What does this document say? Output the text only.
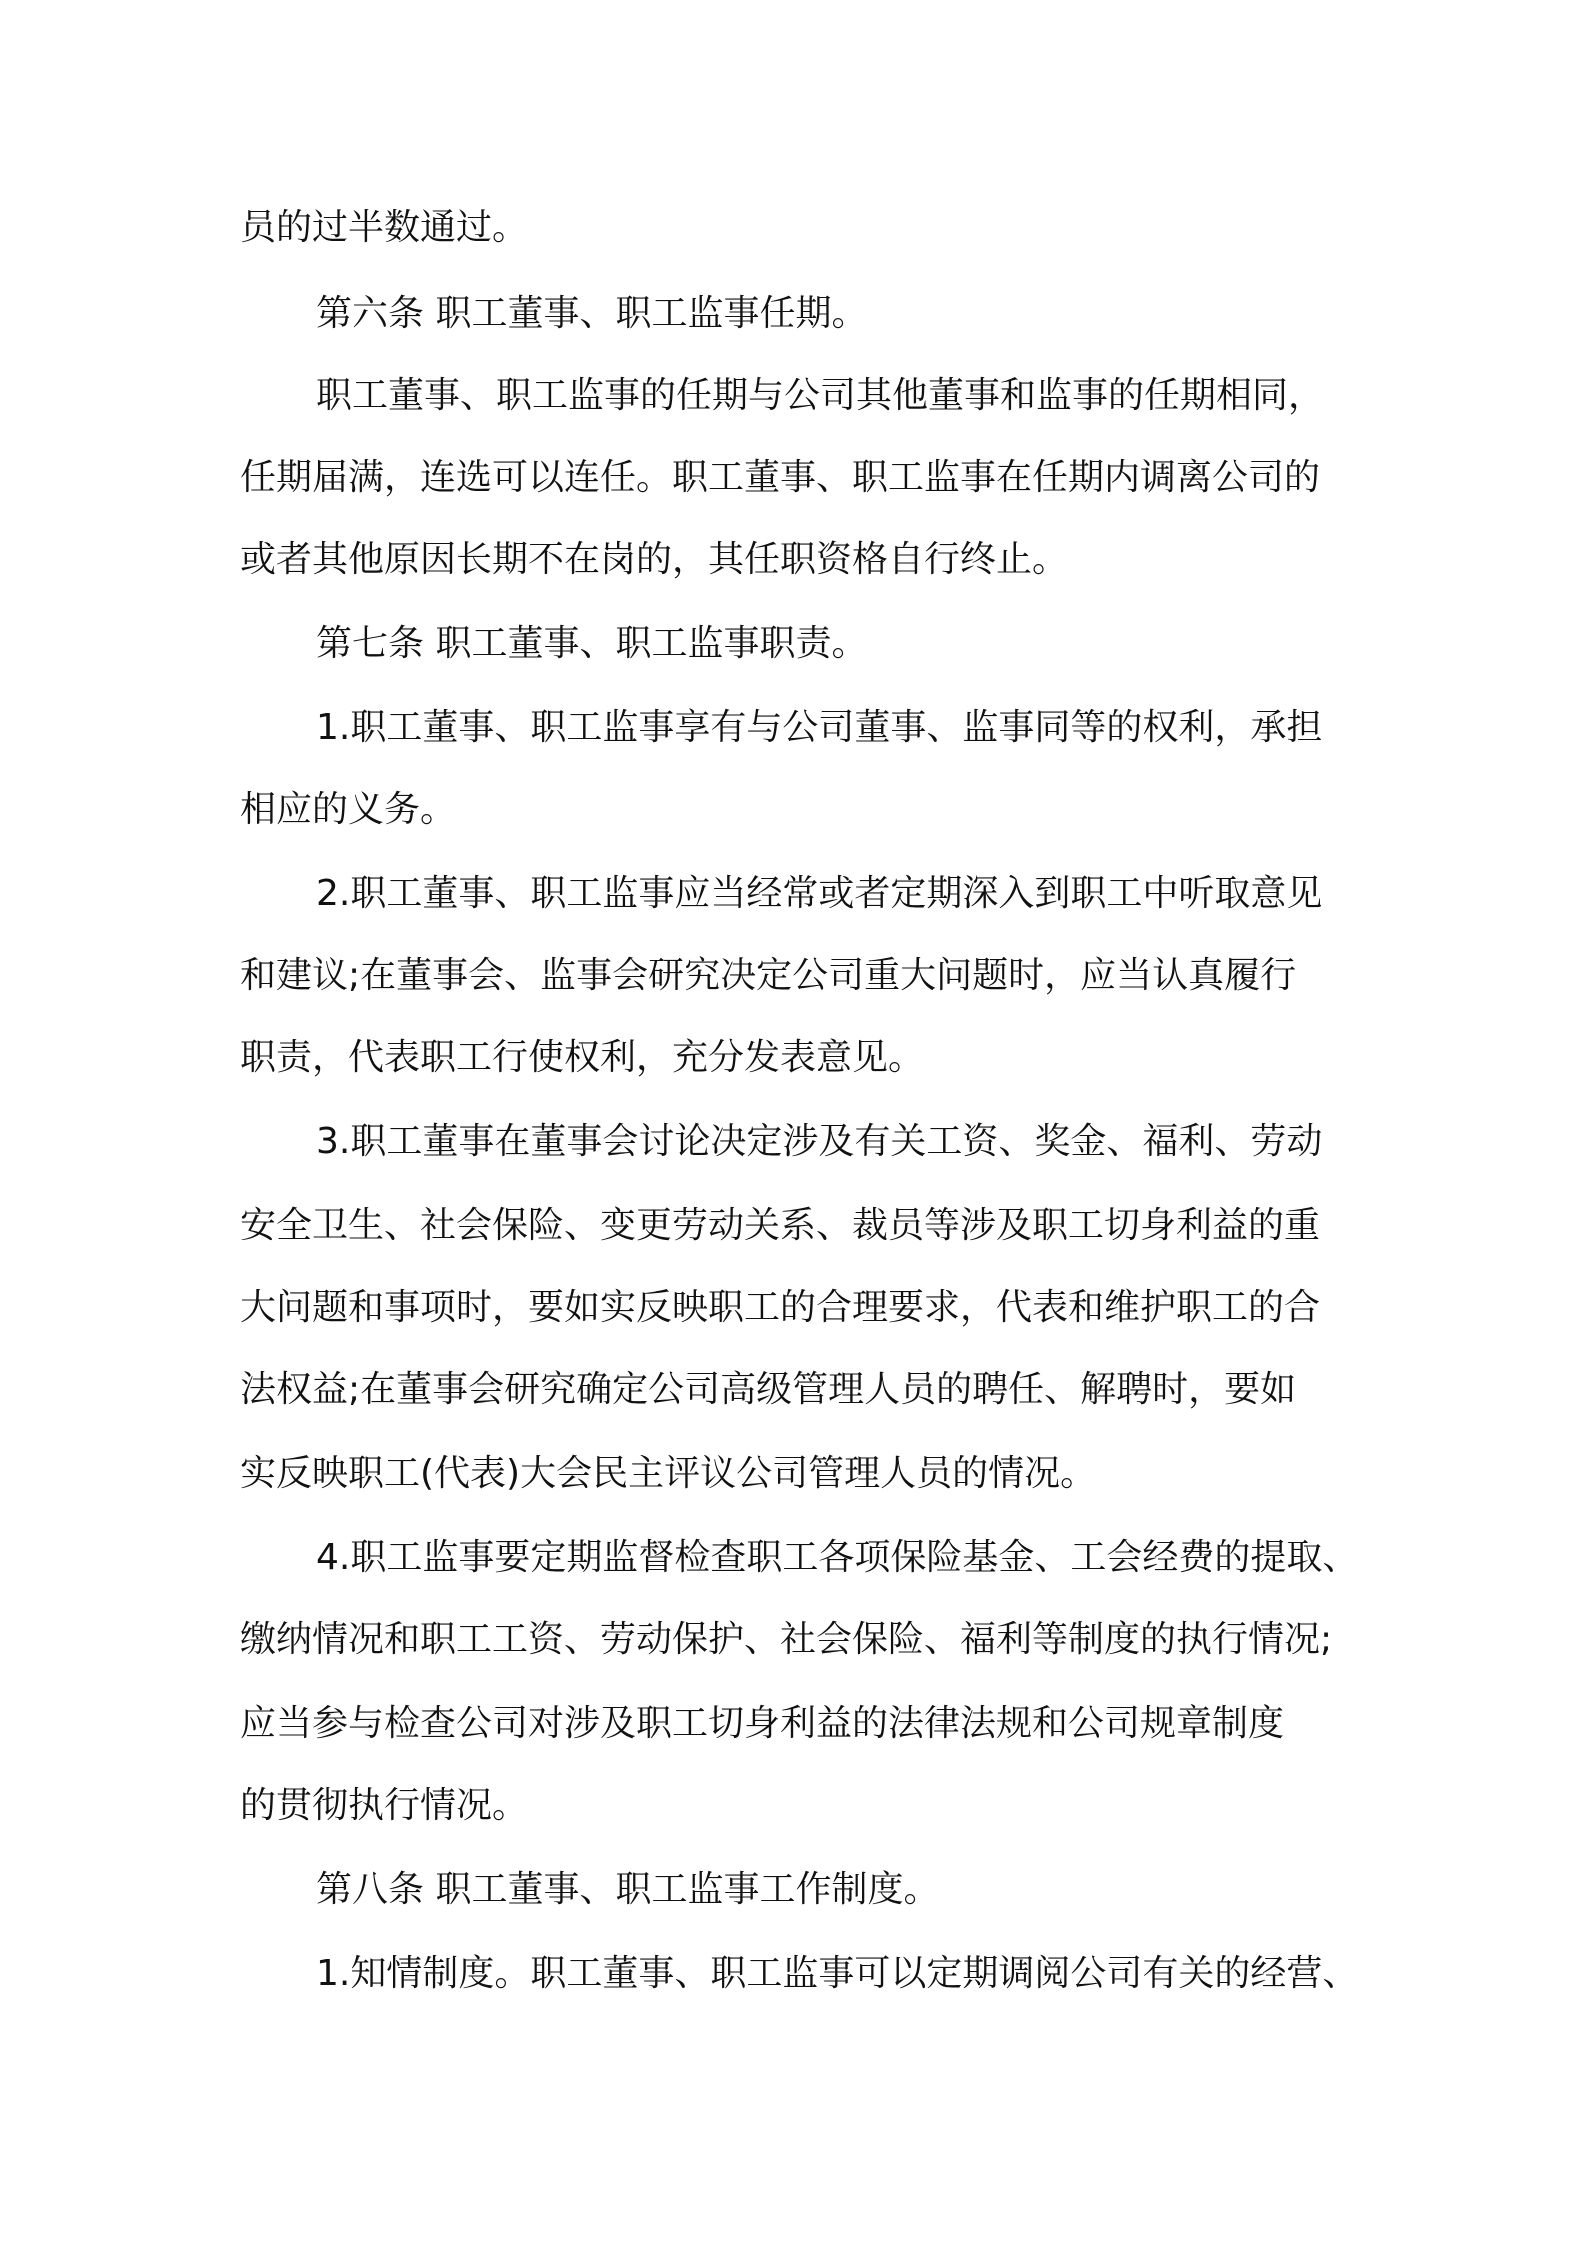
员的过半数通过。
第六条 职工董事、职工监事任期。
职工董事、职工监事的任期与公司其他董事和监事的任期相同，
任期届满，连选可以连任。职工董事、职工监事在任期内调离公司的
或者其他原因长期不在岗的，其任职资格自行终止。
第七条 职工董事、职工监事职责。
1.职工董事、职工监事享有与公司董事、监事同等的权利，承担
相应的义务。
2.职工董事、职工监事应当经常或者定期深入到职工中听取意见
和建议;在董事会、监事会研究决定公司重大问题时，应当认真履行
职责，代表职工行使权利，充分发表意见。
3.职工董事在董事会讨论决定涉及有关工资、奖金、福利、劳动
安全卫生、社会保险、变更劳动关系、裁员等涉及职工切身利益的重
大问题和事项时，要如实反映职工的合理要求，代表和维护职工的合
法权益;在董事会研究确定公司高级管理人员的聘任、解聘时，要如
实反映职工(代表)大会民主评议公司管理人员的情况。
4.职工监事要定期监督检查职工各项保险基金、工会经费的提取、
缴纳情况和职工工资、劳动保护、社会保险、福利等制度的执行情况;
应当参与检查公司对涉及职工切身利益的法律法规和公司规章制度
的贯彻执行情况。
第八条 职工董事、职工监事工作制度。
1.知情制度。职工董事、职工监事可以定期调阅公司有关的经营、
